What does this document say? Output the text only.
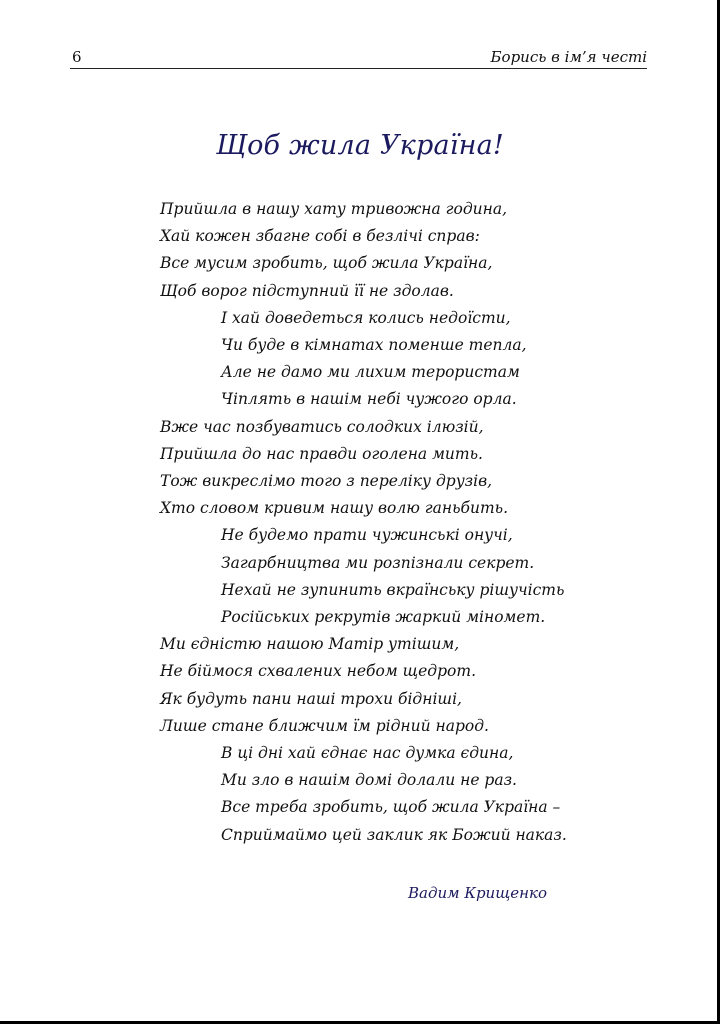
6	Борись в ім’я честі
Щоб жила Україна!
Прийшла в нашу хату тривожна година,
Хай кожен збагне собі в безлічі справ:
Все мусим зробить, щоб жила Україна,
Щоб ворог підступний її не здолав.
І хай доведеться колись недоїсти,
Чи буде в кімнатах поменше тепла,
Але не дамо ми лихим терористам
Чіплять в нашім небі чужого орла.
Вже час позбуватись солодких ілюзій,
Прийшла до нас правди оголена мить.
Тож викреслімо того з переліку друзів,
Хто словом кривим нашу волю ганьбить.
Не будемо прати чужинські онучі,
Загарбництва ми розпізнали секрет.
Нехай не зупинить вкраїнську рішучість
Російських рекрутів жаркий міномет.
Ми єдністю нашою Матір утішим,
Не біймося схвалених небом щедрот.
Як будуть пани наші трохи бідніші,
Лише стане ближчим їм рідний народ.
В ці дні хай єднає нас думка єдина,
Ми зло в нашім домі долали не раз.
Все треба зробить, щоб жила Україна –
Сприймаймо цей заклик як Божий наказ.
Вадим Крищенко
